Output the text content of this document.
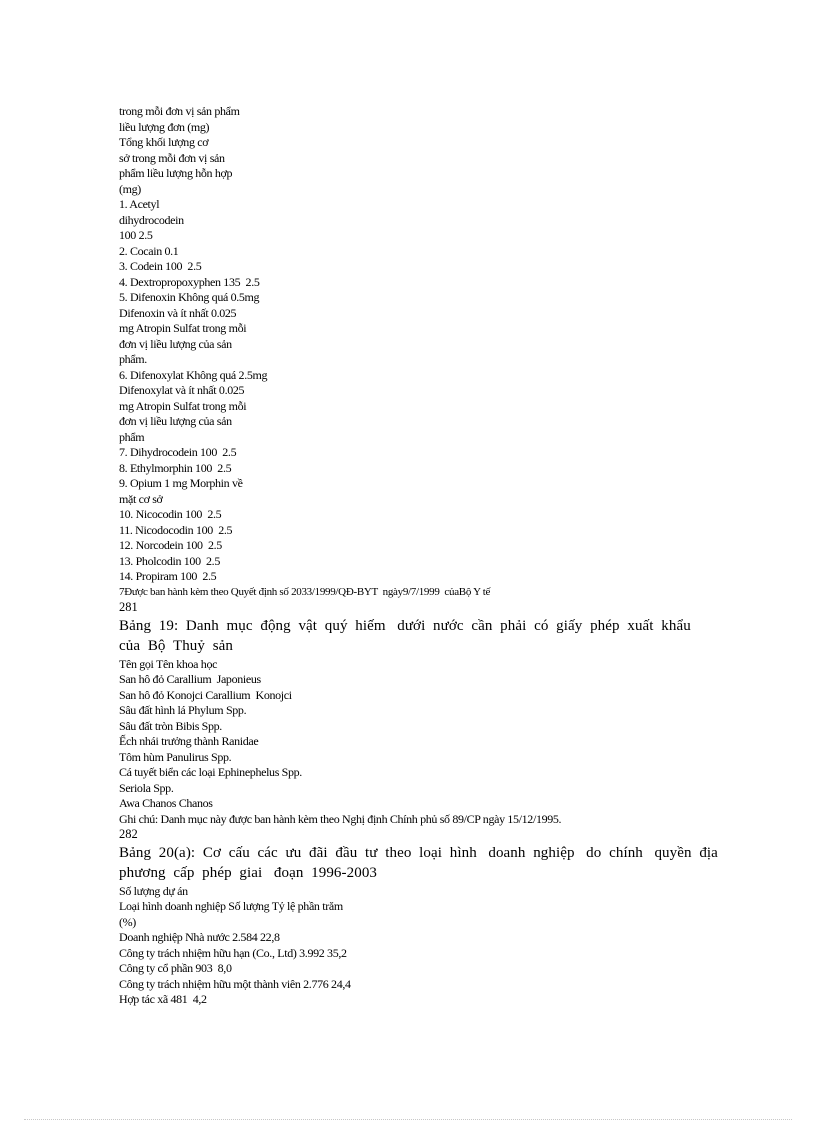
trong mỗi đơn vị sản phẩm
liều lượng đơn (mg)
Tổng khối lượng cơ
sở trong mỗi đơn vị sản
phẩm liều lượng hỗn hợp
(mg)
1. Acetyl
dihydrocodein
100 2.5
2. Cocain 0.1
3. Codein 100  2.5
4. Dextropropoxyphen 135  2.5
5. Difenoxin Không quá 0.5mg
Difenoxin và ít nhất 0.025
mg Atropin Sulfat trong mỗi
đơn vị liều lượng của sản
phẩm.
6. Difenoxylat Không quá 2.5mg
Difenoxylat và ít nhất 0.025
mg Atropin Sulfat trong mỗi
đơn vị liều lượng của sản
phẩm
7. Dihydrocodein 100  2.5
8. Ethylmorphin 100  2.5
9. Opium 1 mg Morphin về
mặt cơ sở
10. Nicocodin 100  2.5
11. Nicodocodin 100  2.5
12. Norcodein 100  2.5
13. Pholcodin 100  2.5
14. Propiram 100  2.5
7Được ban hành kèm theo Quyết định số 2033/1999/QĐ-BYT  ngày9/7/1999  củaBộ Y tế
281
Bảng  19:  Danh  mục  động  vật  quý  hiếm   dưới  nước  cần  phải  có  giấy  phép  xuất  khẩu
của  Bộ  Thuỷ  sản
Tên gọi Tên khoa học
San hô đỏ Carallium  Japonieus
San hô đỏ Konojci Carallium  Konojci
Sâu đất hình lá Phylum Spp.
Sâu đất tròn Bibis Spp.
Ếch nhái trưởng thành Ranidae
Tôm hùm Panulirus Spp.
Cá tuyết biển các loại Ephinephelus Spp.
Seriola Spp.
Awa Chanos Chanos
Ghi chú: Danh mục này được ban hành kèm theo Nghị định Chính phủ số 89/CP ngày 15/12/1995.
282
Bảng  20(a):  Cơ  cấu  các  ưu  đãi  đầu  tư  theo  loại  hình   doanh  nghiệp   do  chính   quyền  địa
phương  cấp  phép  giai   đoạn  1996-2003
Số lượng dự án
Loại hình doanh nghiệp Số lượng Tỷ lệ phần trăm
(%)
Doanh nghiệp Nhà nước 2.584 22,8
Công ty trách nhiệm hữu hạn (Co., Ltd) 3.992 35,2
Công ty cổ phần 903  8,0
Công ty trách nhiệm hữu một thành viên 2.776 24,4
Hợp tác xã 481  4,2
